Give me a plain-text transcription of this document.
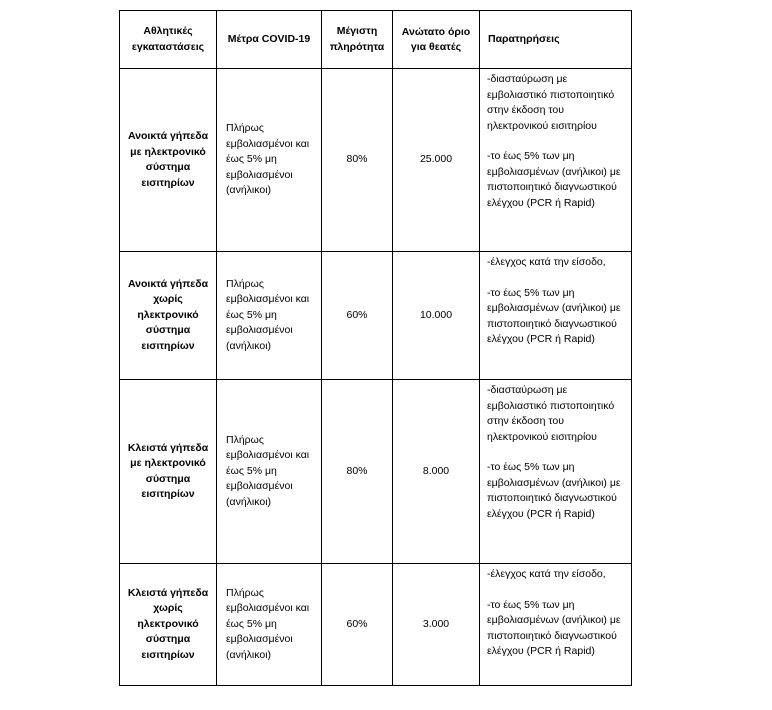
Αθλητικές εγκαταστάσεις	Μέτρα COVID-19	Μέγιστη πληρότητα	Ανώτατο όριο για θεατές	Παρατηρήσεις
Ανοικτά γήπεδα με ηλεκτρονικό σύστημα εισιτηρίων	Πλήρως εμβολιασμένοι και έως 5% μη εμβολιασμένοι (ανήλικοι)	80%	25.000	-διασταύρωση με εμβολιαστικό πιστοποιητικό στην έκδοση του ηλεκτρονικού εισιτηρίου
-το έως 5% των μη εμβολιασμένων (ανήλικοι) με πιστοποιητικό διαγνωστικού ελέγχου (PCR ή Rapid)

Ανοικτά γήπεδα χωρίς ηλεκτρονικό σύστημα εισιτηρίων	Πλήρως εμβολιασμένοι και έως 5% μη εμβολιασμένοι (ανήλικοι)	60%	10.000	-έλεγχος κατά την είσοδο,
-το έως 5% των μη εμβολιασμένων (ανήλικοι) με πιστοποιητικό διαγνωστικού ελέγχου (PCR ή Rapid)

Κλειστά γήπεδα με ηλεκτρονικό σύστημα εισιτηρίων	Πλήρως εμβολιασμένοι και έως 5% μη εμβολιασμένοι (ανήλικοι)	80%	8.000	-διασταύρωση με εμβολιαστικό πιστοποιητικό στην έκδοση του ηλεκτρονικού εισιτηρίου
-το έως 5% των μη εμβολιασμένων (ανήλικοι) με πιστοποιητικό διαγνωστικού ελέγχου (PCR ή Rapid)

Κλειστά γήπεδα χωρίς ηλεκτρονικό σύστημα εισιτηρίων	Πλήρως εμβολιασμένοι και έως 5% μη εμβολιασμένοι (ανήλικοι)	60%	3.000	-έλεγχος κατά την είσοδο,
-το έως 5% των μη εμβολιασμένων (ανήλικοι) με πιστοποιητικό διαγνωστικού ελέγχου (PCR ή Rapid)
